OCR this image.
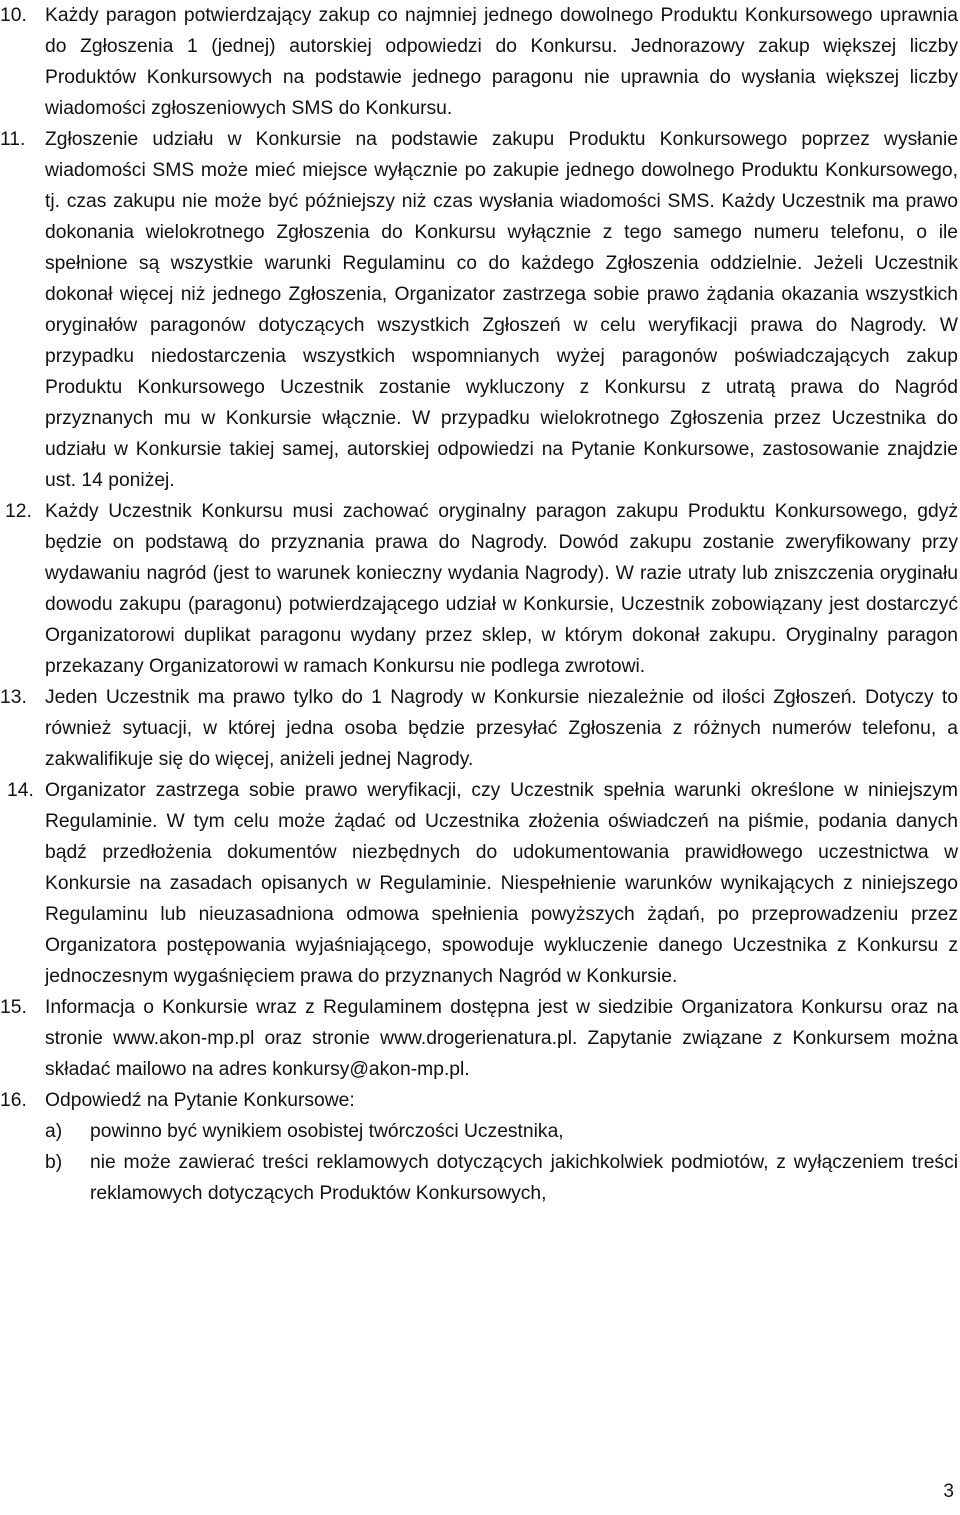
10. Każdy paragon potwierdzający zakup co najmniej jednego dowolnego Produktu Konkursowego uprawnia do Zgłoszenia 1 (jednej) autorskiej odpowiedzi do Konkursu. Jednorazowy zakup większej liczby Produktów Konkursowych na podstawie jednego paragonu nie uprawnia do wysłania większej liczby wiadomości zgłoszeniowych SMS do Konkursu.
11.	Zgłoszenie udziału w Konkursie na podstawie zakupu Produktu Konkursowego poprzez wysłanie wiadomości SMS może mieć miejsce wyłącznie po zakupie jednego dowolnego Produktu Konkursowego, tj. czas zakupu nie może być późniejszy niż czas wysłania wiadomości SMS. Każdy Uczestnik ma prawo dokonania wielokrotnego Zgłoszenia do Konkursu wyłącznie z tego samego numeru telefonu, o ile spełnione są wszystkie warunki Regulaminu co do każdego Zgłoszenia oddzielnie. Jeżeli Uczestnik dokonał więcej niż jednego Zgłoszenia, Organizator zastrzega sobie prawo żądania okazania wszystkich oryginałów paragonów dotyczących wszystkich Zgłoszeń w celu weryfikacji prawa do Nagrody. W przypadku niedostarczenia wszystkich wspomnianych wyżej paragonów poświadczających zakup Produktu Konkursowego Uczestnik zostanie wykluczony z Konkursu z utratą prawa do Nagród przyznanych mu w Konkursie włącznie. W przypadku wielokrotnego Zgłoszenia przez Uczestnika do udziału w Konkursie takiej samej, autorskiej odpowiedzi na Pytanie Konkursowe, zastosowanie znajdzie ust. 14 poniżej.
12. Każdy Uczestnik Konkursu musi zachować oryginalny paragon zakupu Produktu Konkursowego, gdyż będzie on podstawą do przyznania prawa do Nagrody. Dowód zakupu zostanie zweryfikowany przy wydawaniu nagród (jest to warunek konieczny wydania Nagrody). W razie utraty lub zniszczenia oryginału dowodu zakupu (paragonu) potwierdzającego udział w Konkursie, Uczestnik zobowiązany jest dostarczyć Organizatorowi duplikat paragonu wydany przez sklep, w którym dokonał zakupu. Oryginalny paragon przekazany Organizatorowi w ramach Konkursu nie podlega zwrotowi.
13. Jeden Uczestnik ma prawo tylko do 1 Nagrody w Konkursie niezależnie od ilości Zgłoszeń. Dotyczy to również sytuacji, w której jedna osoba będzie przesyłać Zgłoszenia z różnych numerów telefonu, a zakwalifikuje się do więcej, aniżeli jednej Nagrody.
14. Organizator zastrzega sobie prawo weryfikacji, czy Uczestnik spełnia warunki określone w niniejszym Regulaminie. W tym celu może żądać od Uczestnika złożenia oświadczeń na piśmie, podania danych bądź przedłożenia dokumentów niezbędnych do udokumentowania prawidłowego uczestnictwa w Konkursie na zasadach opisanych w Regulaminie. Niespełnienie warunków wynikających z niniejszego Regulaminu lub nieuzasadniona odmowa spełnienia powyższych żądań, po przeprowadzeniu przez Organizatora postępowania wyjaśniającego, spowoduje wykluczenie danego Uczestnika z Konkursu z jednoczesnym wygaśnięciem prawa do przyznanych Nagród w Konkursie.
15. Informacja o Konkursie wraz z Regulaminem dostępna jest w siedzibie Organizatora Konkursu oraz na stronie www.akon-mp.pl oraz stronie www.drogerienatura.pl. Zapytanie związane z Konkursem można składać mailowo na adres konkursy@akon-mp.pl.
16. Odpowiedź na Pytanie Konkursowe:
a)	powinno być wynikiem osobistej twórczości Uczestnika,
b)	nie może zawierać treści reklamowych dotyczących jakichkolwiek podmiotów, z wyłączeniem treści reklamowych dotyczących Produktów Konkursowych,
3
